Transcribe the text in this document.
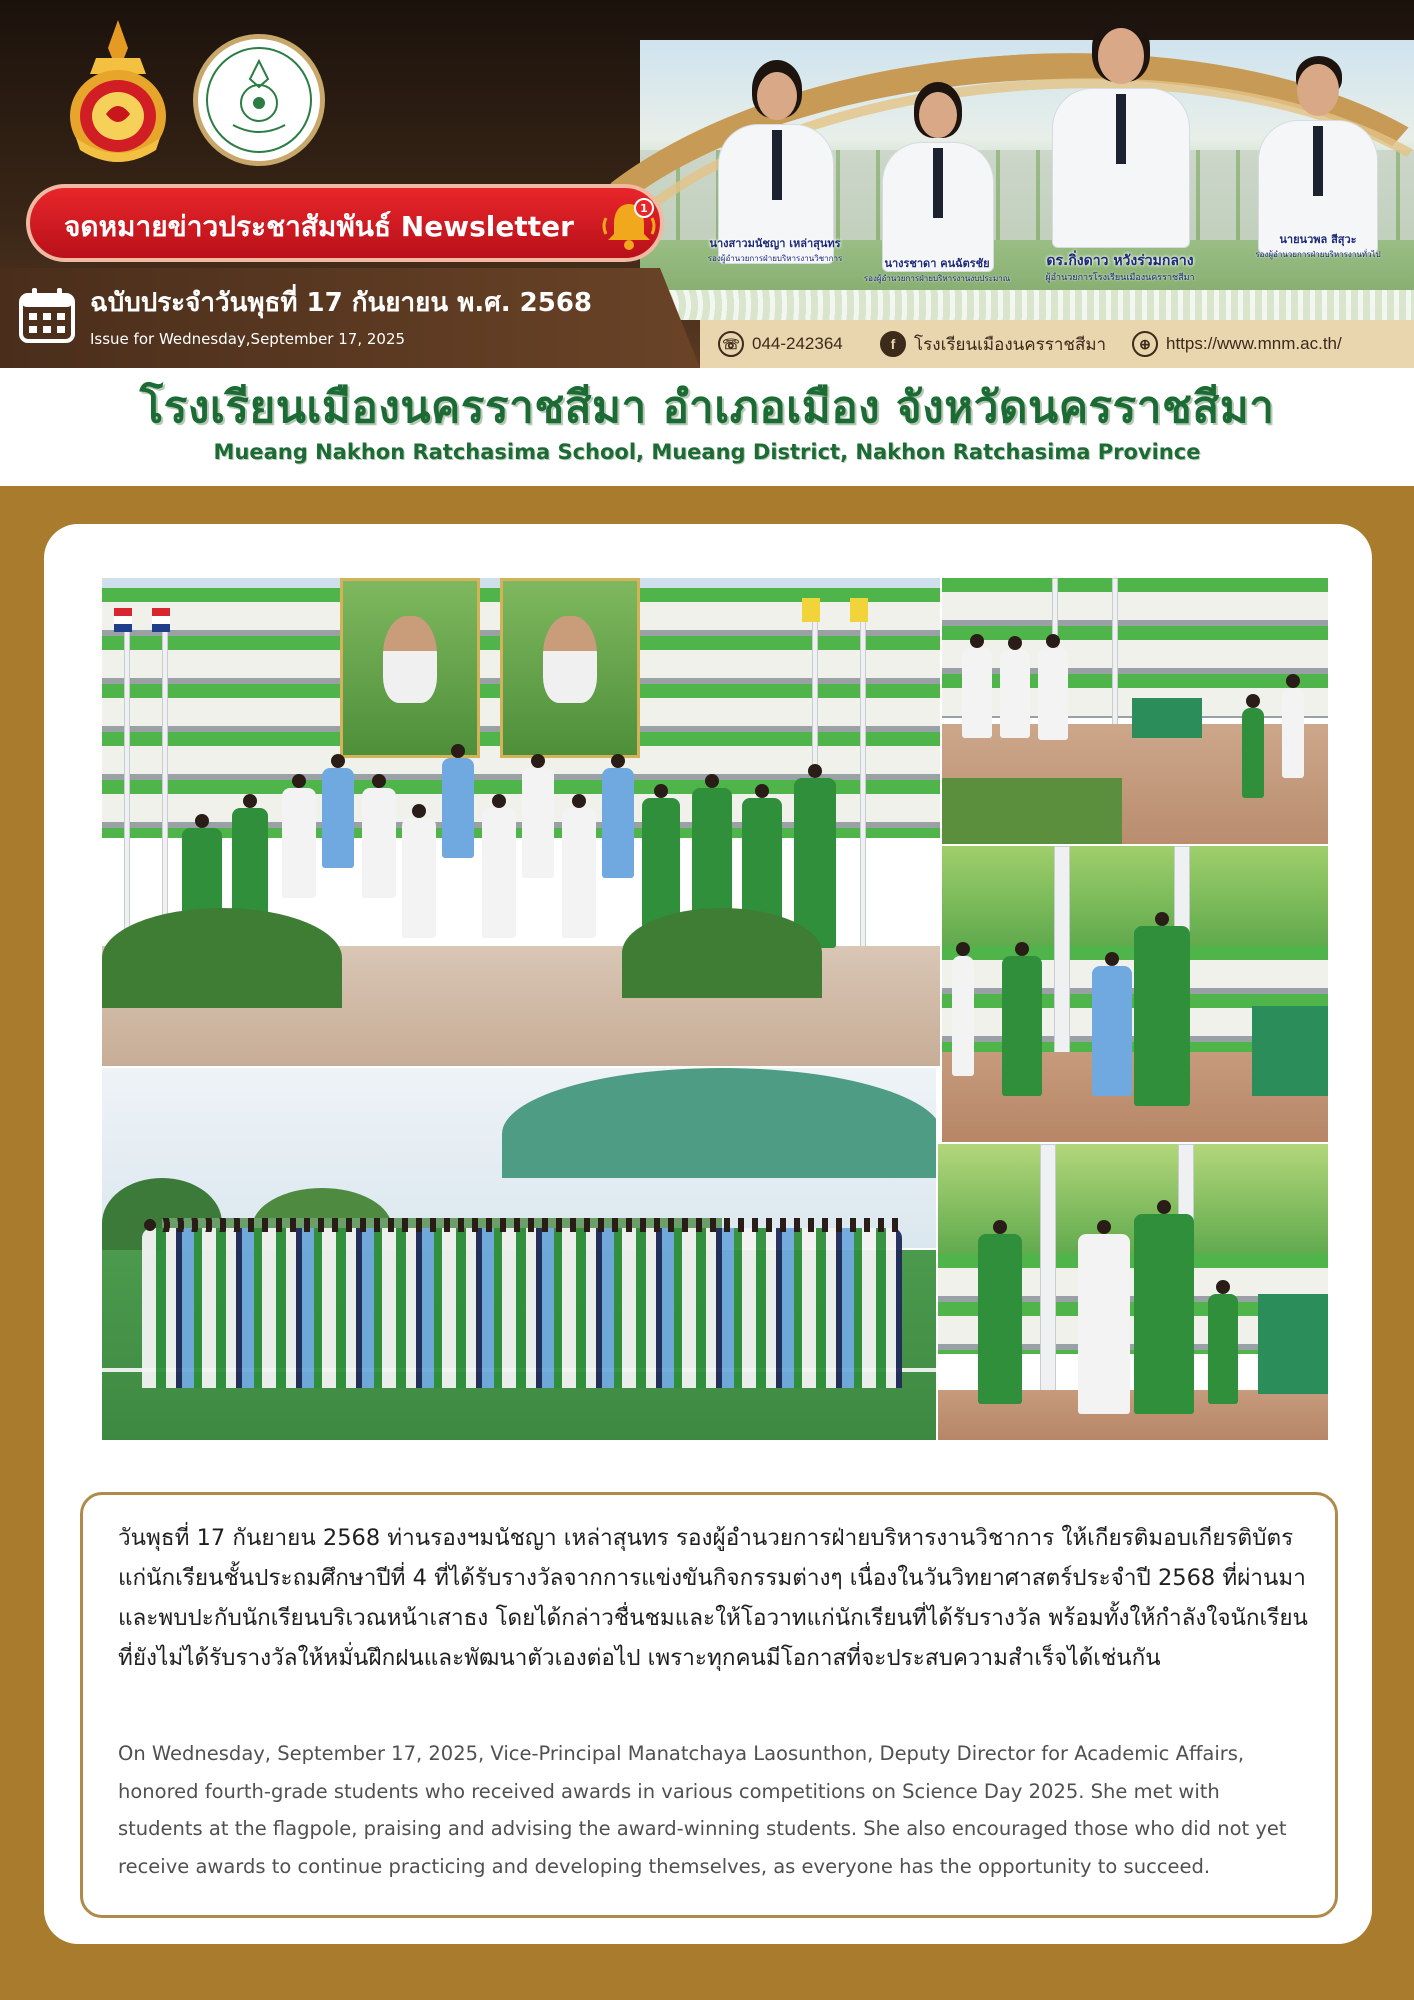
นางสาวมนัชญา เหล่าสุนทร
รองผู้อำนวยการฝ่ายบริหารงานวิชาการ	นางรชาดา คนฉัตรชัย
รองผู้อำนวยการฝ่ายบริหารงานงบประมาณ
ดร.กิ่งดาว หวังร่วมกลาง
ผู้อำนวยการโรงเรียนเมืองนครราชสีมา
นายนวพล สีสุวะ
รองผู้อำนวยการฝ่ายบริหารงานทั่วไป
จดหมายข่าวประชาสัมพันธ์ Newsletter
1
ฉบับประจำวันพุธที่ 17 กันยายน พ.ศ. 2568
Issue for Wednesday,September 17, 2025	☏ 044-242364	f	โรงเรียนเมืองนครราชสีมา	⊕ https://www.mnm.ac.th/
โรงเรียนเมืองนครราชสีมา อำเภอเมือง จังหวัดนครราชสีมา
Mueang Nakhon Ratchasima School, Mueang District, Nakhon Ratchasima Province

วันพุธที่ 17 กันยายน 2568 ท่านรองฯมนัชญา เหล่าสุนทร รองผู้อำนวยการฝ่ายบริหารงานวิชาการ ให้เกียรติมอบเกียรติบัตรแก่นักเรียนชั้นประถมศึกษาปีที่ 4 ที่ได้รับรางวัลจากการแข่งขันกิจกรรมต่างๆ เนื่องในวันวิทยาศาสตร์ประจำปี 2568 ที่ผ่านมา และพบปะกับนักเรียนบริเวณหน้าเสาธง โดยได้กล่าวชื่นชมและให้โอวาทแก่นักเรียนที่ได้รับรางวัล พร้อมทั้งให้กำลังใจนักเรียนที่ยังไม่ได้รับรางวัลให้หมั่นฝึกฝนและพัฒนาตัวเองต่อไป เพราะทุกคนมีโอกาสที่จะประสบความสำเร็จได้เช่นกัน

On Wednesday, September 17, 2025, Vice-Principal Manatchaya Laosunthon, Deputy Director for Academic Affairs, honored fourth-grade students who received awards in various competitions on Science Day 2025. She met with students at the flagpole, praising and advising the award-winning students. She also encouraged those who did not yet receive awards to continue practicing and developing themselves, as everyone has the opportunity to succeed.
